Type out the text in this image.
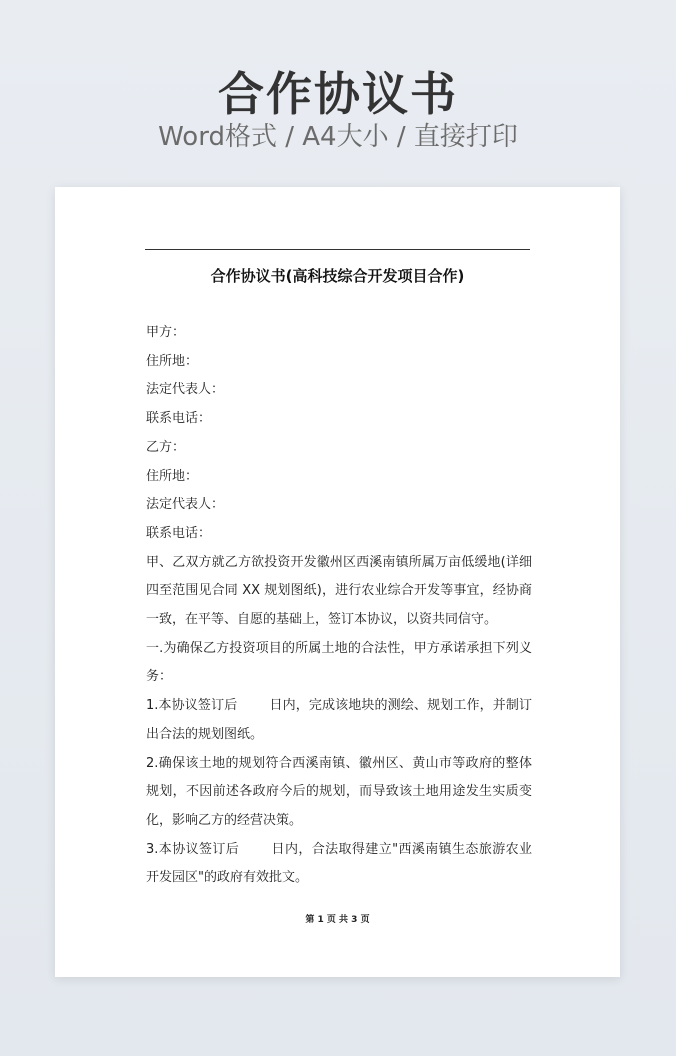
合作协议书
Word格式 / A4大小 / 直接打印
合作协议书(高科技综合开发项目合作)

甲方：

住所地：

法定代表人：

联系电话：

乙方：

住所地：

法定代表人：

联系电话：

甲、乙双方就乙方欲投资开发徽州区西溪南镇所属万亩低缓地(详细四至范围见合同 XX 规划图纸)，进行农业综合开发等事宜，经协商一致，在平等、自愿的基础上，签订本协议，以资共同信守。

一.为确保乙方投资项目的所属土地的合法性，甲方承诺承担下列义务：

1.本协议签订后 日内，完成该地块的测绘、规划工作，并制订出合法的规划图纸。

2.确保该土地的规划符合西溪南镇、徽州区、黄山市等政府的整体规划，不因前述各政府今后的规划，而导致该土地用途发生实质变化，影响乙方的经营决策。

3.本协议签订后 日内，合法取得建立"西溪南镇生态旅游农业开发园区"的政府有效批文。

第 1 页 共 3 页
